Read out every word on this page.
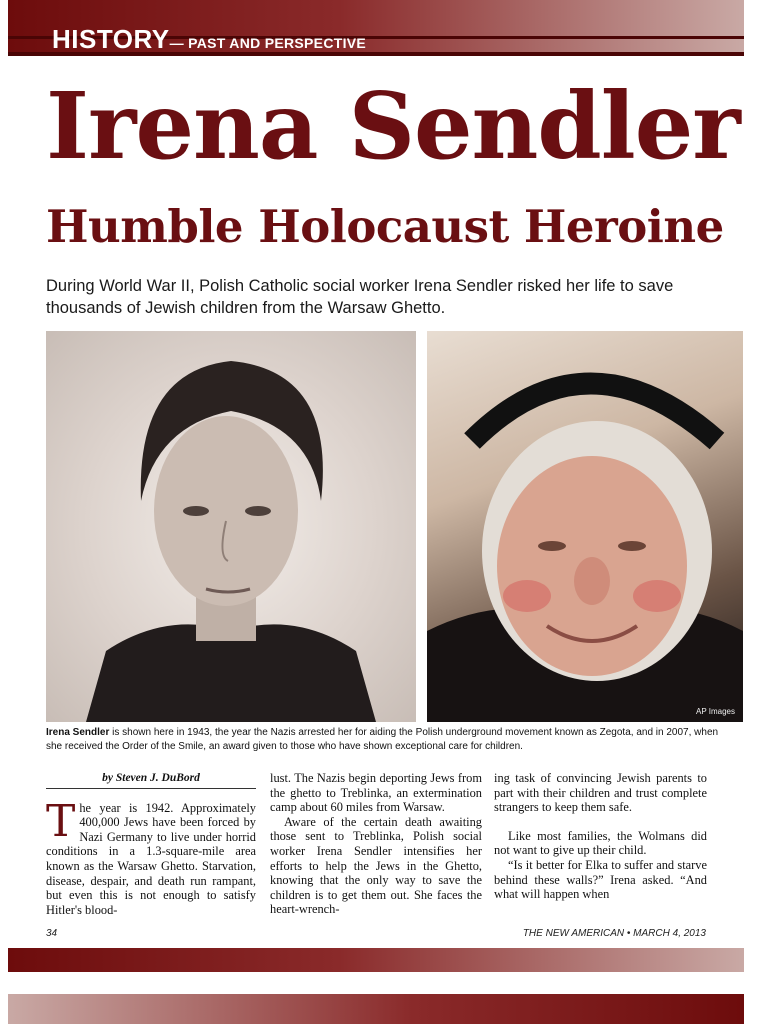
HISTORY— PAST AND PERSPECTIVE
Irena Sendler
Humble Holocaust Heroine

During World War II, Polish Catholic social worker Irena Sendler risked her life to save thousands of Jewish children from the Warsaw Ghetto.

AP Images

Irena Sendler is shown here in 1943, the year the Nazis arrested her for aiding the Polish underground movement known as Zegota, and in 2007, when she received the Order of the Smile, an award given to those who have shown exceptional care for children.

by Steven J. DuBord
T he year is 1942. Approximately 400,000 Jews have been forced by Nazi Germany to live under horrid conditions in a 1.3-square-mile area known as the Warsaw Ghetto. Starvation, disease, despair, and death run rampant, but even this is not enough to satisfy Hitler's blood-

lust. The Nazis begin deporting Jews from the ghetto to Treblinka, an extermination camp about 60 miles from Warsaw.

Aware of the certain death awaiting those sent to Treblinka, Polish social worker Irena Sendler intensifies her efforts to help the Jews in the Ghetto, knowing that the only way to save the children is to get them out. She faces the heart-wrench-

ing task of convincing Jewish parents to part with their children and trust complete strangers to keep them safe.

Like most families, the Wolmans did not want to give up their child.

“Is it better for Elka to suffer and starve behind these walls?” Irena asked. “And what will happen when

34	THE NEW AMERICAN • MARCH 4, 2013
